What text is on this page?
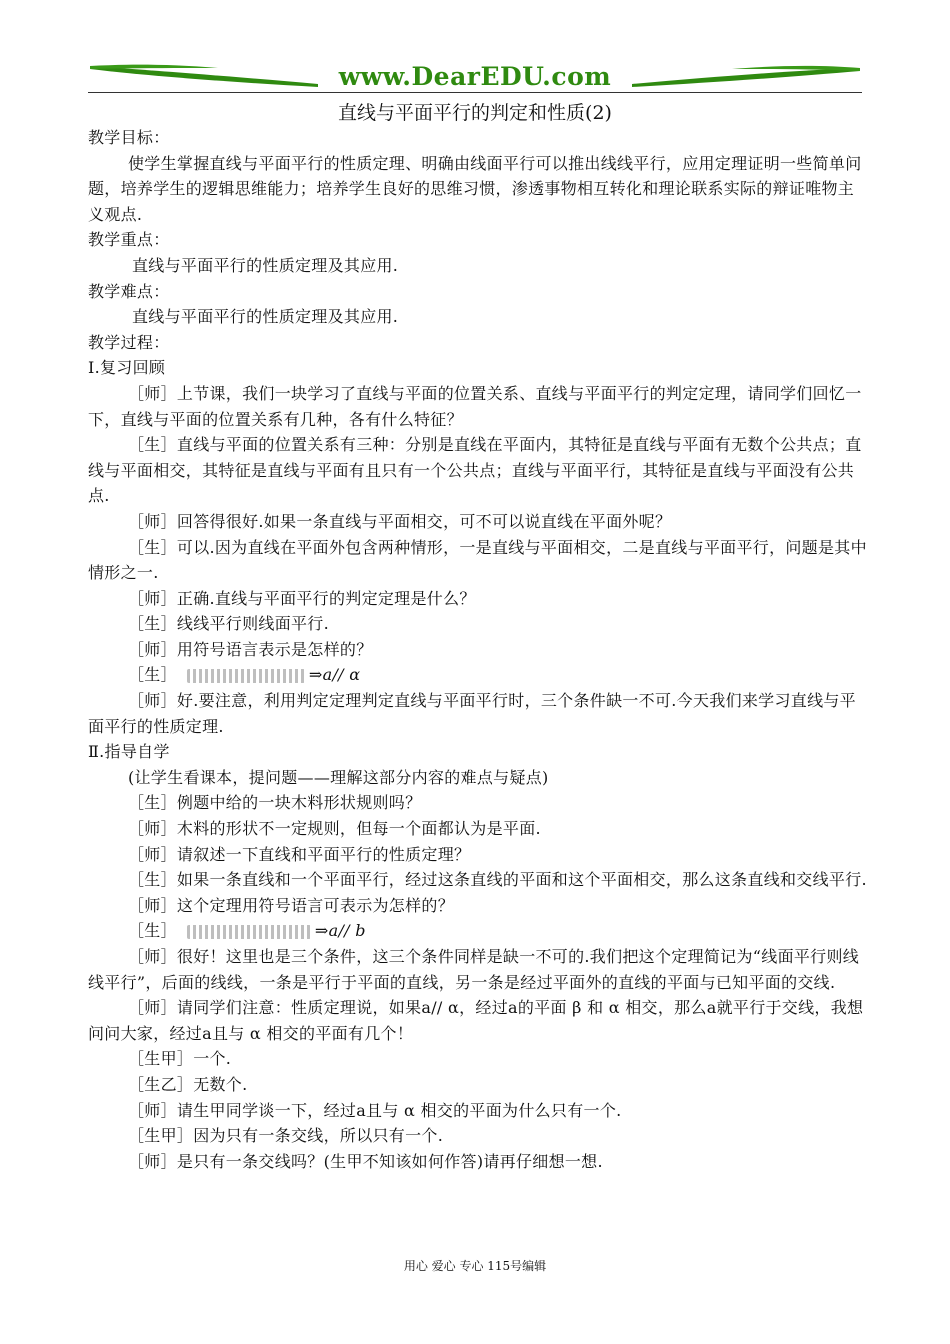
www.DearEDU.com
直线与平面平行的判定和性质(2)

教学目标：

使学生掌握直线与平面平行的性质定理、明确由线面平行可以推出线线平行，应用定理证明一些简单问题，培养学生的逻辑思维能力；培养学生良好的思维习惯，渗透事物相互转化和理论联系实际的辩证唯物主义观点.

教学重点：

直线与平面平行的性质定理及其应用.

教学难点：

直线与平面平行的性质定理及其应用.

教学过程：

Ⅰ.复习回顾

［师］上节课，我们一块学习了直线与平面的位置关系、直线与平面平行的判定定理，请同学们回忆一下，直线与平面的位置关系有几种，各有什么特征？

［生］直线与平面的位置关系有三种：分别是直线在平面内，其特征是直线与平面有无数个公共点；直线与平面相交，其特征是直线与平面有且只有一个公共点；直线与平面平行，其特征是直线与平面没有公共点.

［师］回答得很好.如果一条直线与平面相交，可不可以说直线在平面外呢？

［生］可以.因为直线在平面外包含两种情形，一是直线与平面相交，二是直线与平面平行，问题是其中情形之一.

［师］正确.直线与平面平行的判定定理是什么？

［生］线线平行则线面平行.

［师］用符号语言表示是怎样的？

［生］	⇒a// α

［师］好.要注意，利用判定定理判定直线与平面平行时，三个条件缺一不可.今天我们来学习直线与平面平行的性质定理.

Ⅱ.指导自学

(让学生看课本，提问题——理解这部分内容的难点与疑点)

［生］例题中给的一块木料形状规则吗？

［师］木料的形状不一定规则，但每一个面都认为是平面.

［师］请叙述一下直线和平面平行的性质定理？

［生］如果一条直线和一个平面平行，经过这条直线的平面和这个平面相交，那么这条直线和交线平行.

［师］这个定理用符号语言可表示为怎样的？

［生］	⇒a// b

［师］很好！这里也是三个条件，这三个条件同样是缺一不可的.我们把这个定理简记为“线面平行则线线平行”，后面的线线，一条是平行于平面的直线，另一条是经过平面外的直线的平面与已知平面的交线.

［师］请同学们注意：性质定理说，如果a// α，经过a的平面 β 和 α 相交，那么a就平行于交线，我想问问大家，经过a且与 α 相交的平面有几个！

［生甲］一个.

［生乙］无数个.

［师］请生甲同学谈一下，经过a且与 α 相交的平面为什么只有一个.

［生甲］因为只有一条交线，所以只有一个.

［师］是只有一条交线吗？(生甲不知该如何作答)请再仔细想一想.

用心 爱心 专心 115号编辑
